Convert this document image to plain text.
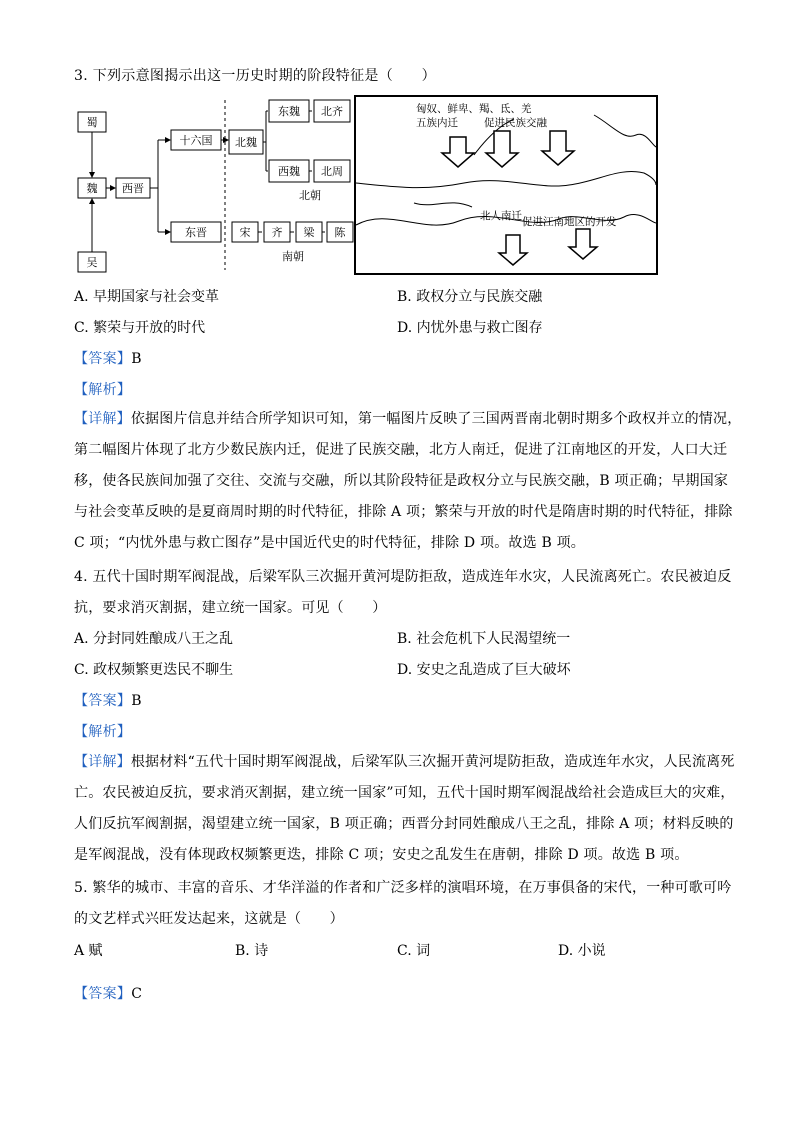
3. 下列示意图揭示出这一历史时期的阶段特征是（　　）
蜀
魏
吴
西晋
十六国
东晋
北魏
东魏 北齐
西魏 北周
北朝
宋 齐 梁 陈
南朝
匈奴、鲜卑、羯、氐、羌
五族内迁 促进民族交融
北人南迁 促进江南地区的开发
A. 早期国家与社会变革	B. 政权分立与民族交融
C. 繁荣与开放的时代	D. 内忧外患与救亡图存
【答案】B
【解析】
【详解】依据图片信息并结合所学知识可知，第一幅图片反映了三国两晋南北朝时期多个政权并立的情况，
第二幅图片体现了北方少数民族内迁，促进了民族交融，北方人南迁，促进了江南地区的开发，人口大迁
移，使各民族间加强了交往、交流与交融，所以其阶段特征是政权分立与民族交融，B 项正确；早期国家
与社会变革反映的是夏商周时期的时代特征，排除 A 项；繁荣与开放的时代是隋唐时期的时代特征，排除
C 项；“内忧外患与救亡图存”是中国近代史的时代特征，排除 D 项。故选 B 项。
4. 五代十国时期军阀混战，后梁军队三次掘开黄河堤防拒敌，造成连年水灾，人民流离死亡。农民被迫反
抗，要求消灭割据，建立统一国家。可见（　　）
A. 分封同姓酿成八王之乱	B. 社会危机下人民渴望统一
C. 政权频繁更迭民不聊生	D. 安史之乱造成了巨大破坏
【答案】B
【解析】
【详解】根据材料“五代十国时期军阀混战，后梁军队三次掘开黄河堤防拒敌，造成连年水灾，人民流离死
亡。农民被迫反抗，要求消灭割据，建立统一国家”可知，五代十国时期军阀混战给社会造成巨大的灾难，
人们反抗军阀割据，渴望建立统一国家，B 项正确；西晋分封同姓酿成八王之乱，排除 A 项；材料反映的
是军阀混战，没有体现政权频繁更迭，排除 C 项；安史之乱发生在唐朝，排除 D 项。故选 B 项。
5. 繁华的城市、丰富的音乐、才华洋溢的作者和广泛多样的演唱环境，在万事俱备的宋代，一种可歌可吟
的文艺样式兴旺发达起来，这就是（　　）
A 赋	B. 诗	C. 词	D. 小说
【答案】C
